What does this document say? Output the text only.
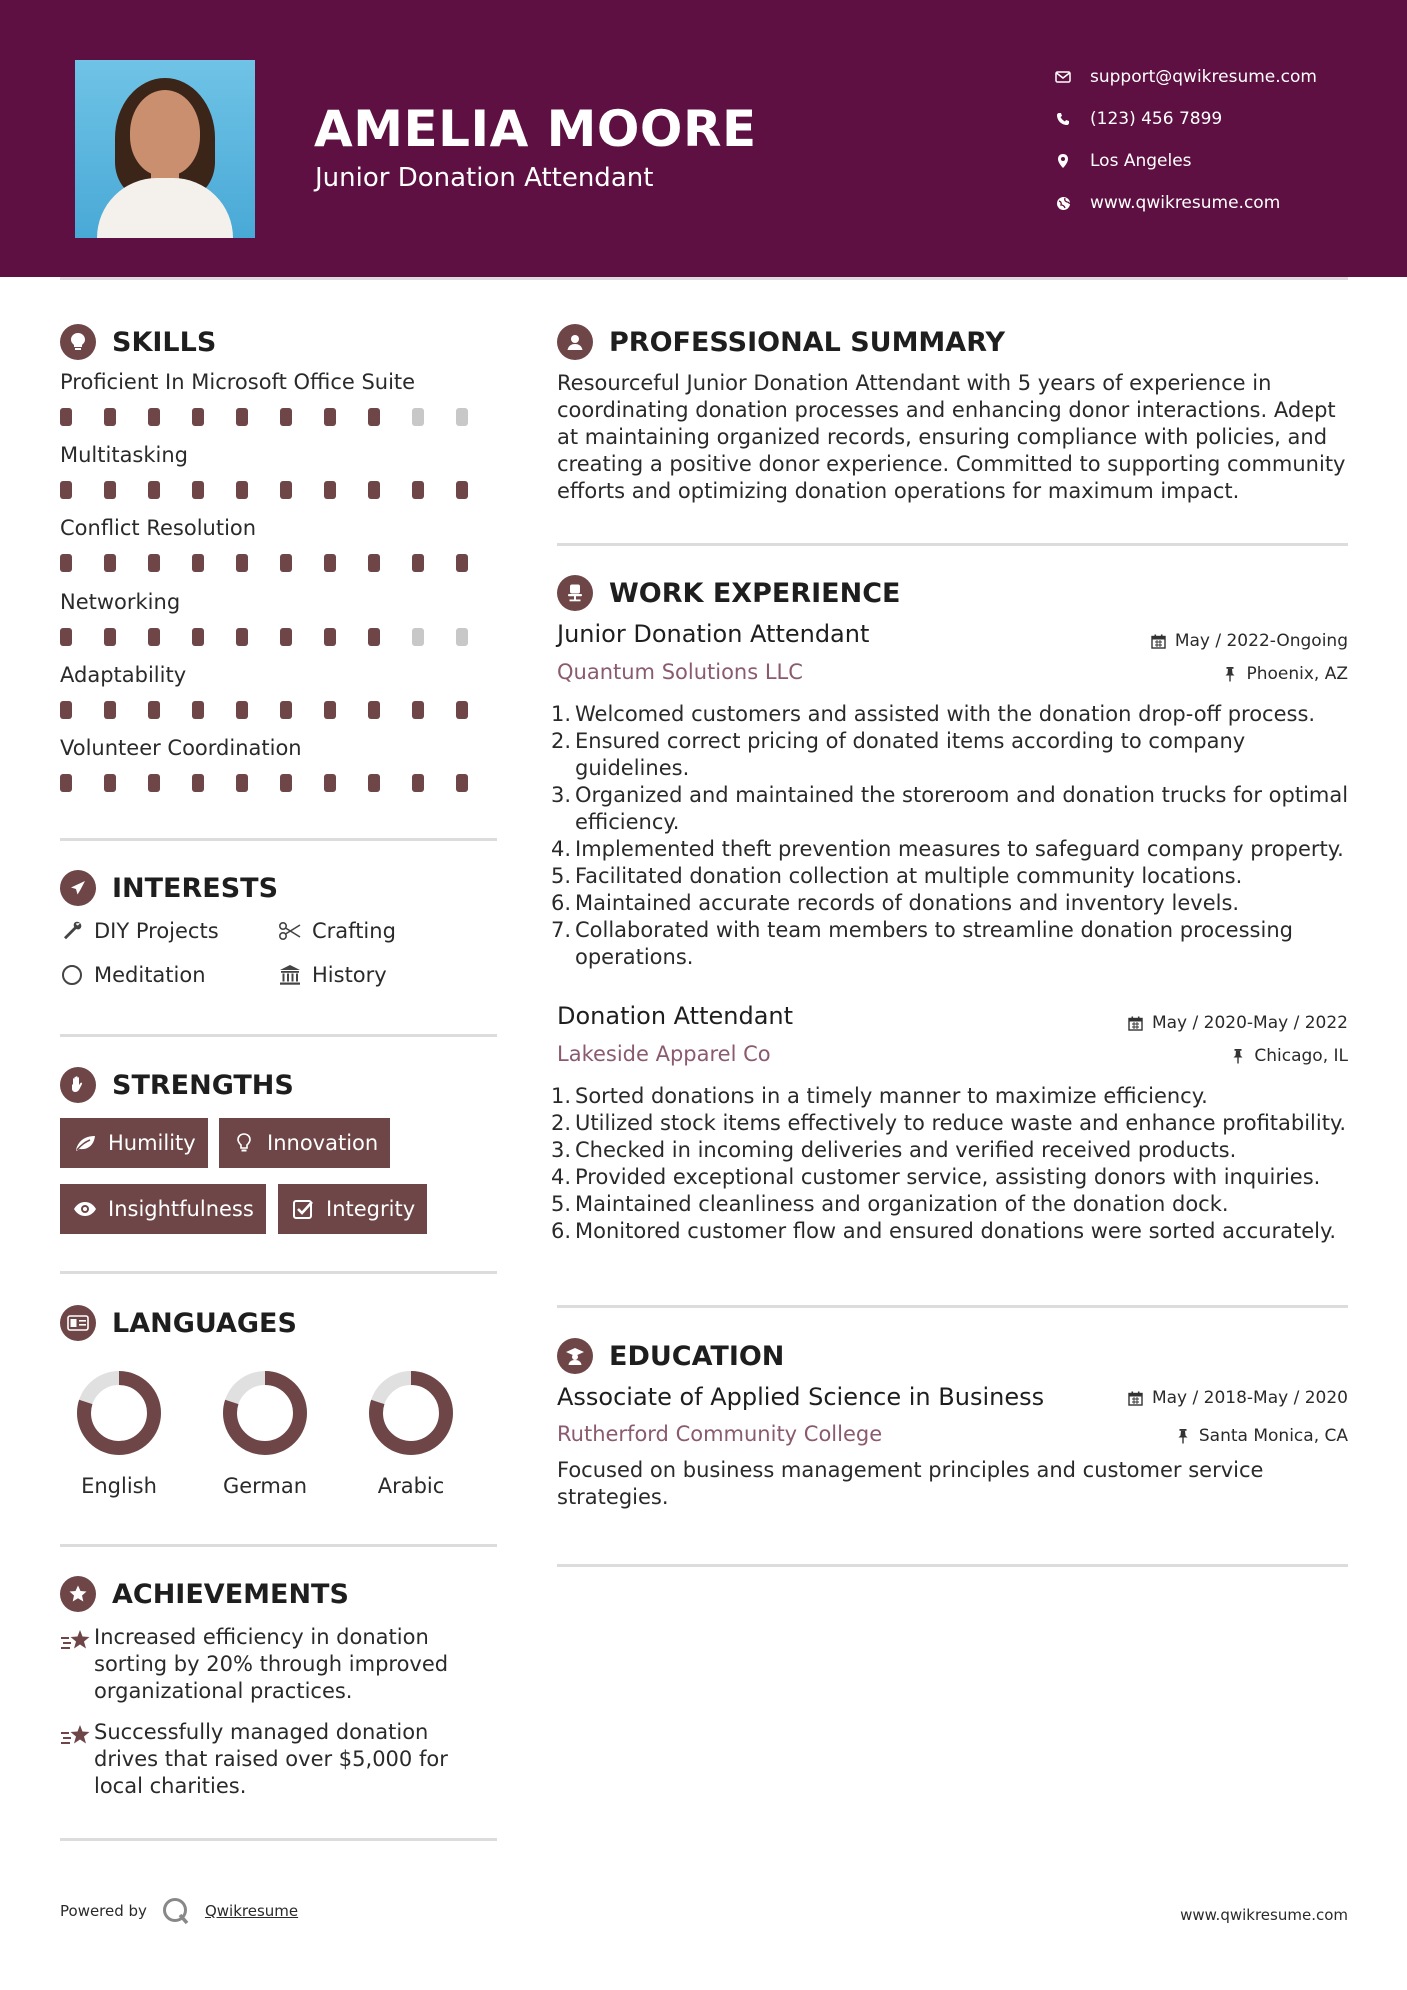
AMELIA MOORE
Junior Donation Attendant
support@qwikresume.com
(123) 456 7899
Los Angeles
www.qwikresume.com
SKILLS
Proficient In Microsoft Office Suite
Multitasking
Conflict Resolution
Networking
Adaptability
Volunteer Coordination
INTERESTS
DIY Projects	Crafting
Meditation	History
STRENGTHS
Humility	Innovation
Insightfulness	Integrity
LANGUAGES
English	German	Arabic
ACHIEVEMENTS
Increased efficiency in donation sorting by 20% through improved organizational practices.
Successfully managed donation drives that raised over $5,000 for local charities.
PROFESSIONAL SUMMARY
Resourceful Junior Donation Attendant with 5 years of experience in coordinating donation processes and enhancing donor interactions. Adept at maintaining organized records, ensuring compliance with policies, and creating a positive donor experience. Committed to supporting community efforts and optimizing donation operations for maximum impact.
WORK EXPERIENCE
Junior Donation Attendant	May / 2022-Ongoing
Quantum Solutions LLC	Phoenix, AZ
1. Welcomed customers and assisted with the donation drop-off process.
2. Ensured correct pricing of donated items according to company guidelines.
3. Organized and maintained the storeroom and donation trucks for optimal efficiency.
4. Implemented theft prevention measures to safeguard company property.
5. Facilitated donation collection at multiple community locations.
6. Maintained accurate records of donations and inventory levels.
7. Collaborated with team members to streamline donation processing operations.
Donation Attendant	May / 2020-May / 2022
Lakeside Apparel Co	Chicago, IL
1. Sorted donations in a timely manner to maximize efficiency.
2. Utilized stock items effectively to reduce waste and enhance profitability.
3. Checked in incoming deliveries and verified received products.
4. Provided exceptional customer service, assisting donors with inquiries.
5. Maintained cleanliness and organization of the donation dock.
6. Monitored customer flow and ensured donations were sorted accurately.
EDUCATION
Associate of Applied Science in Business	May / 2018-May / 2020
Rutherford Community College	Santa Monica, CA
Focused on business management principles and customer service strategies.
Powered by	Qwikresume	www.qwikresume.com
